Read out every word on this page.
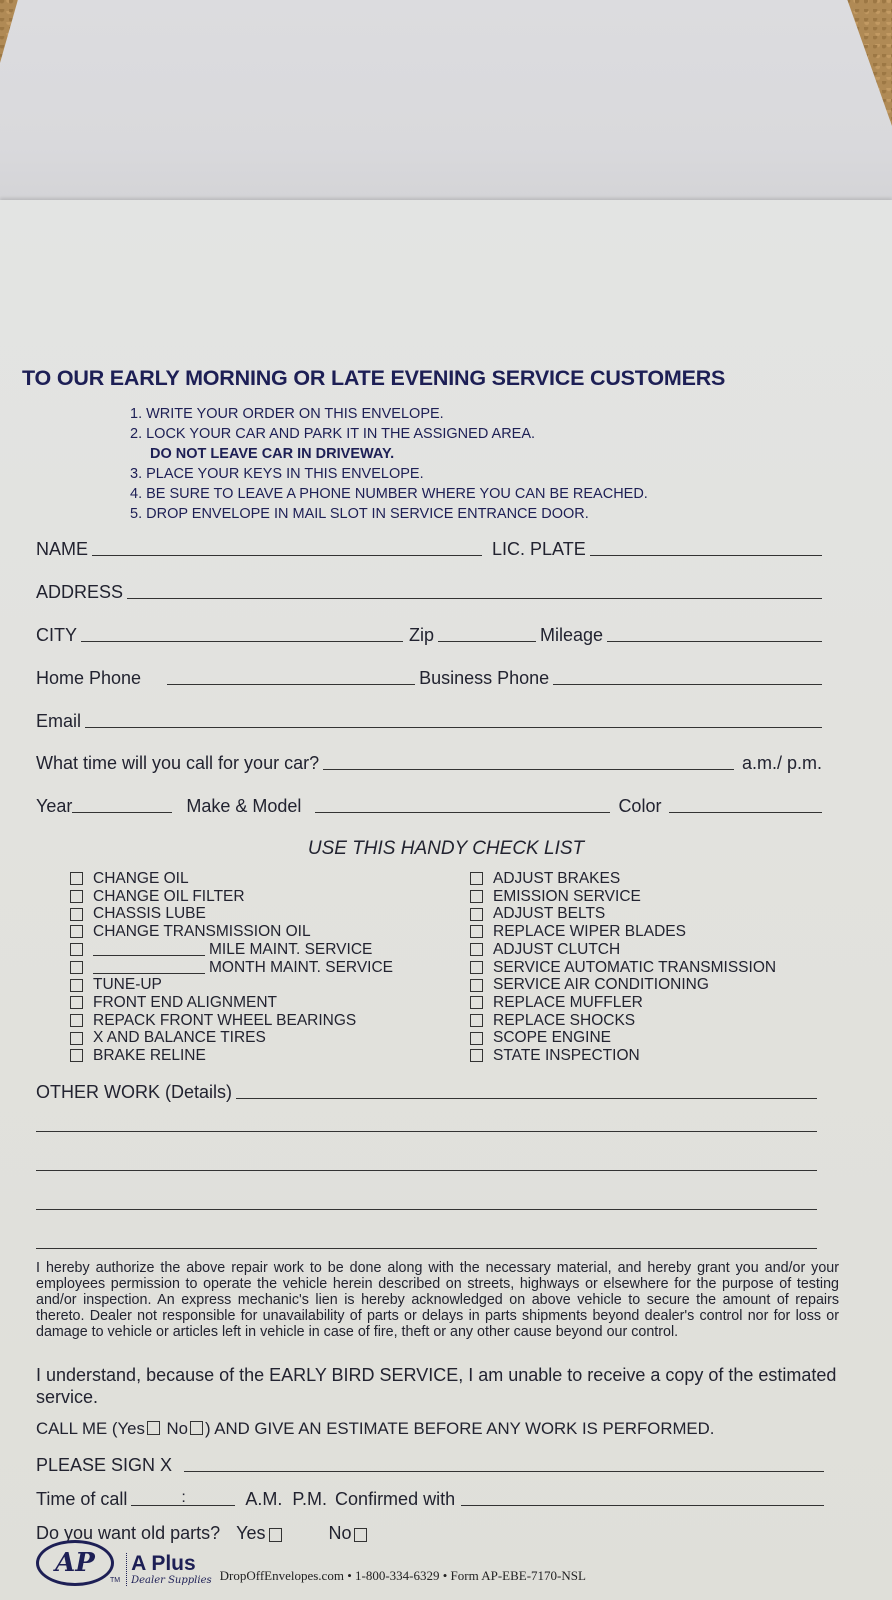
TO OUR EARLY MORNING OR LATE EVENING SERVICE CUSTOMERS
1. WRITE YOUR ORDER ON THIS ENVELOPE.
2. LOCK YOUR CAR AND PARK IT IN THE ASSIGNED AREA.
DO NOT LEAVE CAR IN DRIVEWAY.
3. PLACE YOUR KEYS IN THIS ENVELOPE.
4. BE SURE TO LEAVE A PHONE NUMBER WHERE YOU CAN BE REACHED.
5. DROP ENVELOPE IN MAIL SLOT IN SERVICE ENTRANCE DOOR.
NAME	LIC. PLATE
ADDRESS
CITY	Zip	Mileage
Home Phone	Business Phone
Email
What time will you call for your car?	a.m./ p.m.
Year	Make & Model	Color
USE THIS HANDY CHECK LIST
CHANGE OIL
CHANGE OIL FILTER
CHASSIS LUBE
CHANGE TRANSMISSION OIL
MILE MAINT. SERVICE
MONTH MAINT. SERVICE
TUNE-UP
FRONT END ALIGNMENT
REPACK FRONT WHEEL BEARINGS
X AND BALANCE TIRES
BRAKE RELINE
ADJUST BRAKES
EMISSION SERVICE
ADJUST BELTS
REPLACE WIPER BLADES
ADJUST CLUTCH
SERVICE AUTOMATIC TRANSMISSION
SERVICE AIR CONDITIONING
REPLACE MUFFLER
REPLACE SHOCKS
SCOPE ENGINE
STATE INSPECTION
OTHER WORK (Details)
I hereby authorize the above repair work to be done along with the necessary material, and hereby grant you and/or your employees permission to operate the vehicle herein described on streets, highways or elsewhere for the purpose of testing and/or inspection. An express mechanic's lien is hereby acknowledged on above vehicle to secure the amount of repairs thereto. Dealer not responsible for unavailability of parts or delays in parts shipments beyond dealer's control nor for loss or damage to vehicle or articles left in vehicle in case of fire, theft or any other cause beyond our control.
I understand, because of the EARLY BIRD SERVICE, I am unable to receive a copy of the estimated service.
CALL ME (Yes No ) AND GIVE AN ESTIMATE BEFORE ANY WORK IS PERFORMED.
PLEASE SIGN X
Time of call	:	A.M.  P.M. Confirmed with
Do you want old parts? Yes	No
AP
TM
A Plus
Dealer Supplies DropOffEnvelopes.com • 1-800-334-6329 • Form AP-EBE-7170-NSL
